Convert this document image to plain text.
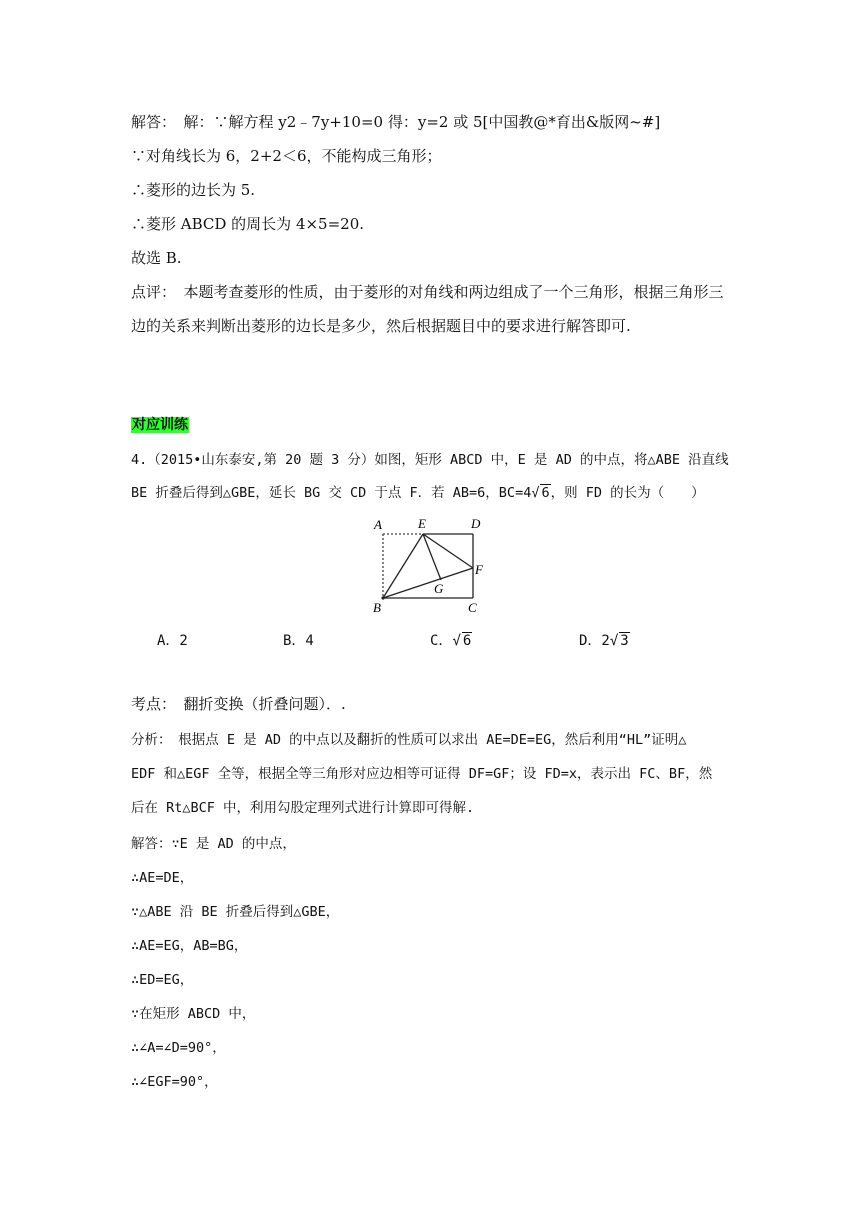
解答：　解：∵解方程 y2﹣7y+10=0 得：y=2 或 5[中国教@*育出&版网~#]
∵对角线长为 6，2+2＜6，不能构成三角形；
∴菱形的边长为 5.
∴菱形 ABCD 的周长为 4×5=20.
故选 B.
点评：　本题考查菱形的性质，由于菱形的对角线和两边组成了一个三角形，根据三角形三
边的关系来判断出菱形的边长是多少，然后根据题目中的要求进行解答即可.
对应训练
4.（2015•山东泰安,第 20 题 3 分）如图，矩形 ABCD 中，E 是 AD 的中点，将△ABE 沿直线
BE 折叠后得到△GBE，延长 BG 交 CD 于点 F．若 AB=6，BC=4√ 6，则 FD 的长为（　　）
A	E	D
F
G
B	C
A．2	B．4	C．√ 6	D．2√ 3
考点：　翻折变换（折叠问题）．.
分析：　根据点 E 是 AD 的中点以及翻折的性质可以求出 AE=DE=EG，然后利用“HL”证明△
EDF 和△EGF 全等，根据全等三角形对应边相等可证得 DF=GF；设 FD=x，表示出 FC、BF，然
后在 Rt△BCF 中，利用勾股定理列式进行计算即可得解.
解答：∵E 是 AD 的中点，
∴AE=DE，
∵△ABE 沿 BE 折叠后得到△GBE，
∴AE=EG，AB=BG，
∴ED=EG，
∵在矩形 ABCD 中，
∴∠A=∠D=90°，
∴∠EGF=90°，
